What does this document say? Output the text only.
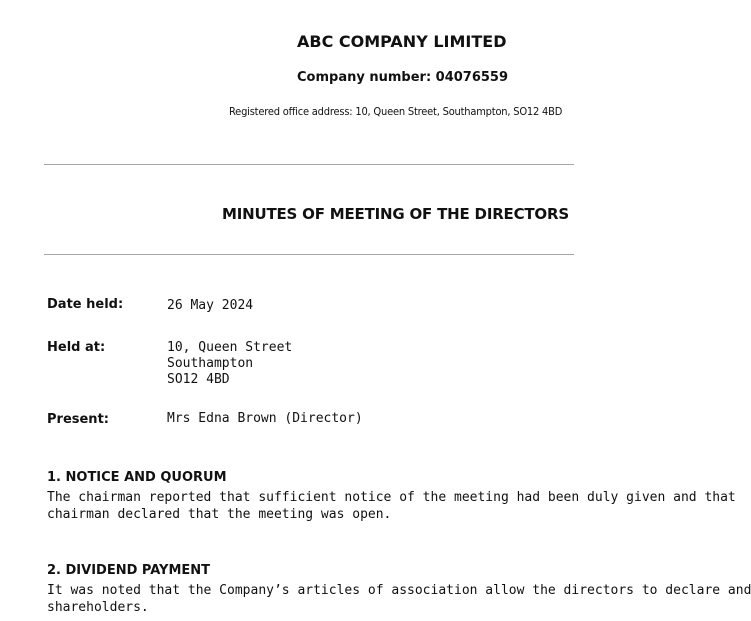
ABC COMPANY LIMITED
Company number: 04076559
Registered office address: 10, Queen Street, Southampton, SO12 4BD
MINUTES OF MEETING OF THE DIRECTORS
Date held:	26 May 2024
Held at:	10, Queen Street
Southampton
SO12 4BD
Present:	Mrs Edna Brown (Director)
1. NOTICE AND QUORUM
The chairman reported that sufficient notice of the meeting had been duly given and that
chairman declared that the meeting was open.
2. DIVIDEND PAYMENT
It was noted that the Company’s articles of association allow the directors to declare and
shareholders.
